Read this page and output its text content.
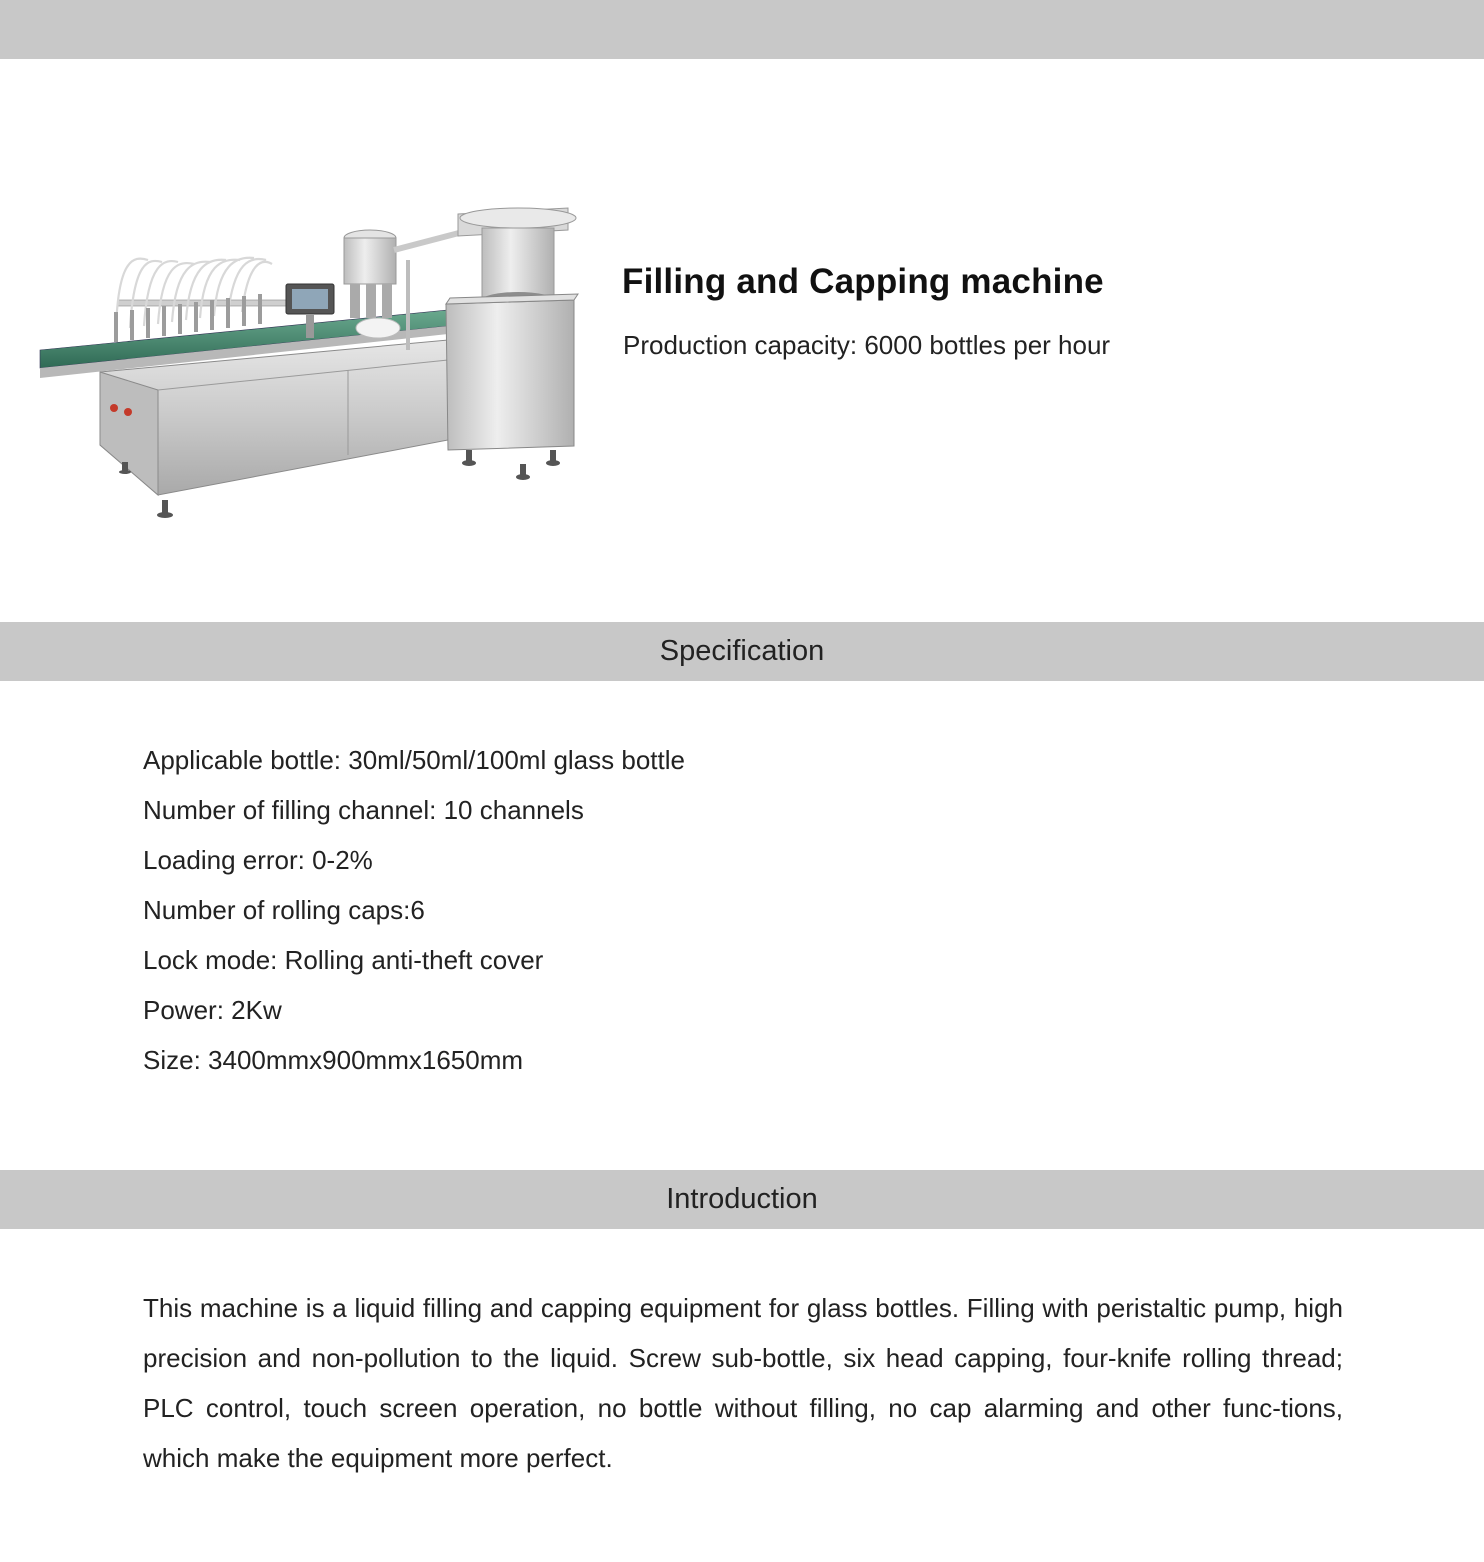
Filling and Capping machine
Production capacity: 6000 bottles per hour
Specification
Applicable bottle: 30ml/50ml/100ml glass bottle
Number of filling channel: 10 channels
Loading error: 0-2%
Number of rolling caps:6
Lock mode: Rolling anti-theft cover
Power: 2Kw
Size: 3400mmx900mmx1650mm
Introduction

This machine is a liquid filling and capping equipment for glass bottles. Filling with peristaltic pump, high precision and non-pollution to the liquid. Screw sub-bottle, six head capping, four-knife rolling thread; PLC control, touch screen operation, no bottle without filling, no cap alarming and other func-tions, which make the equipment more perfect.
